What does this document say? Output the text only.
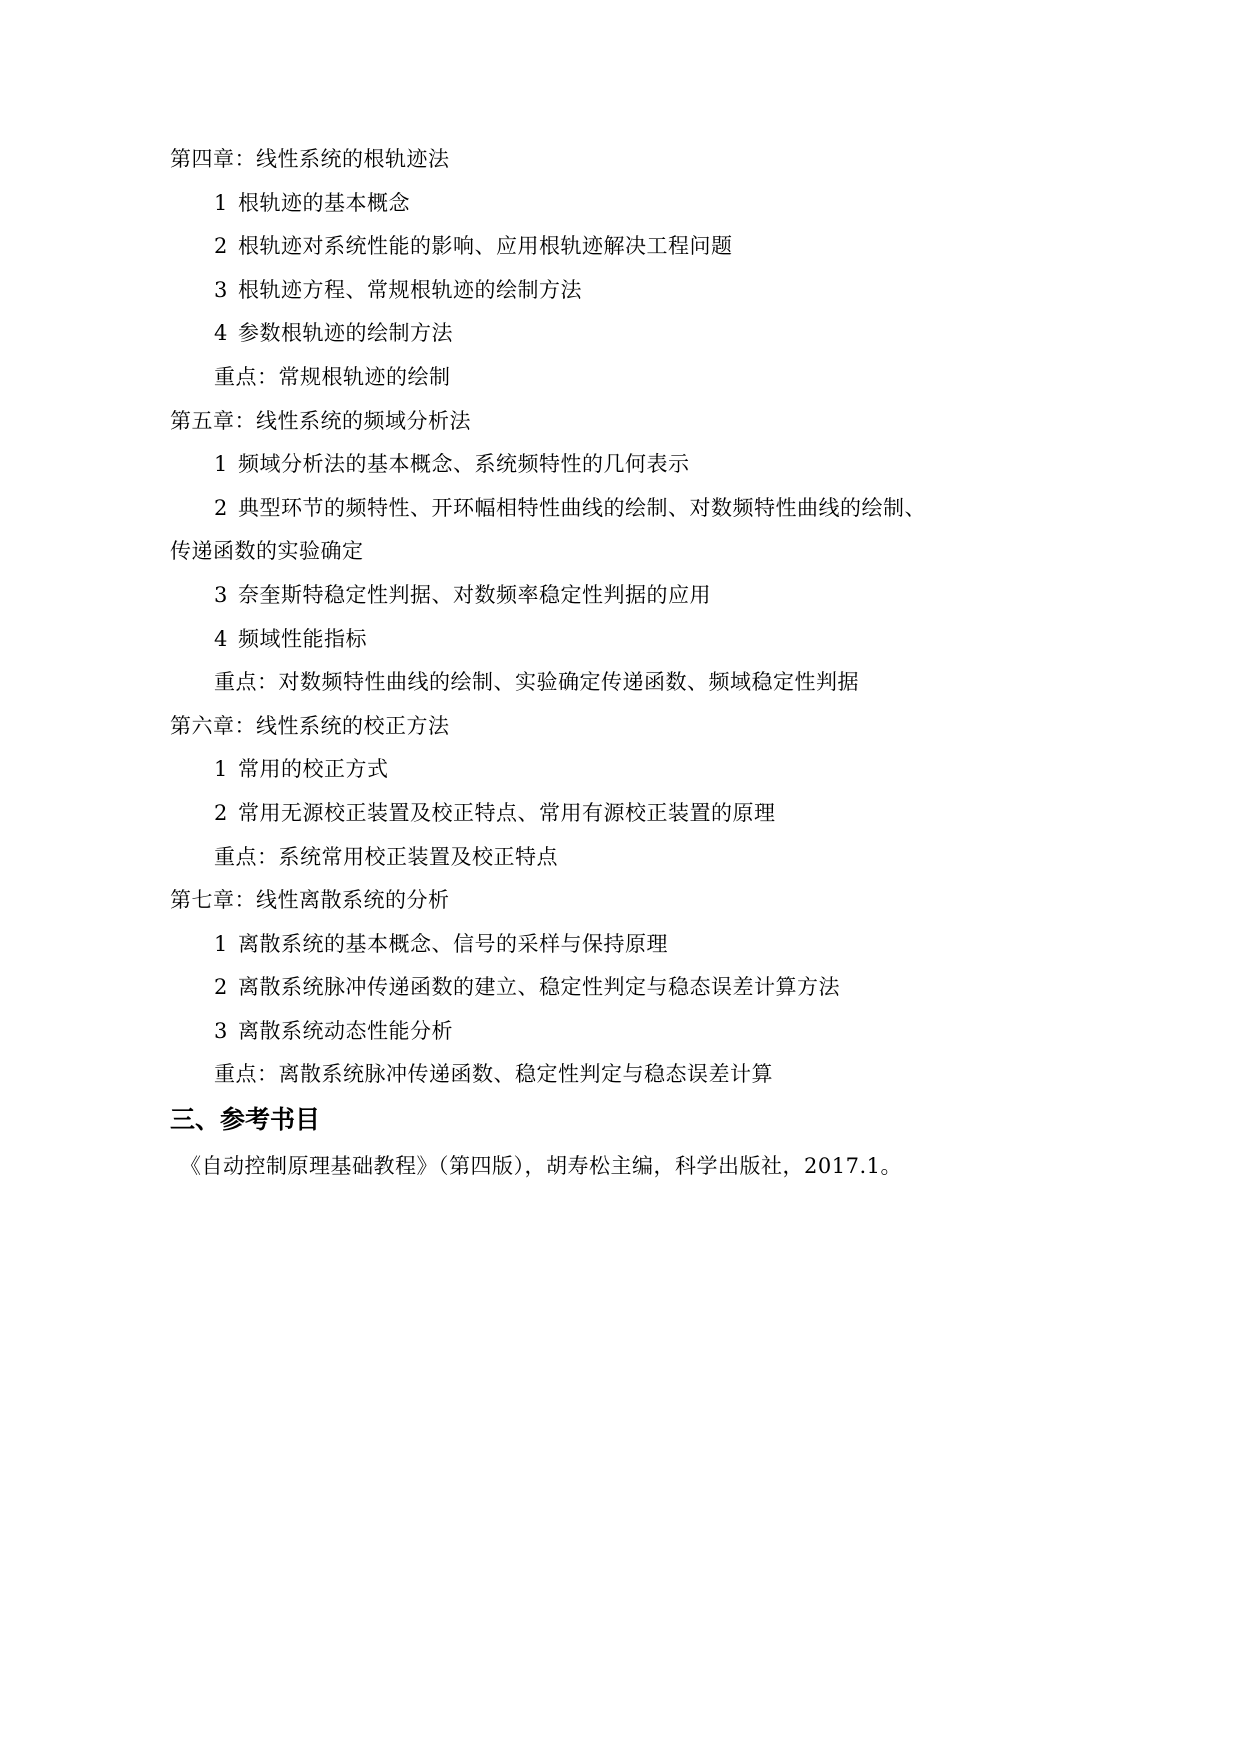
第四章：线性系统的根轨迹法
1 根轨迹的基本概念
2 根轨迹对系统性能的影响、应用根轨迹解决工程问题
3 根轨迹方程、常规根轨迹的绘制方法
4 参数根轨迹的绘制方法
重点：常规根轨迹的绘制
第五章：线性系统的频域分析法
1 频域分析法的基本概念、系统频特性的几何表示
2 典型环节的频特性、开环幅相特性曲线的绘制、对数频特性曲线的绘制、
传递函数的实验确定
3 奈奎斯特稳定性判据、对数频率稳定性判据的应用
4 频域性能指标
重点：对数频特性曲线的绘制、实验确定传递函数、频域稳定性判据
第六章：线性系统的校正方法
1 常用的校正方式
2 常用无源校正装置及校正特点、常用有源校正装置的原理
重点：系统常用校正装置及校正特点
第七章：线性离散系统的分析
1 离散系统的基本概念、信号的采样与保持原理
2 离散系统脉冲传递函数的建立、稳定性判定与稳态误差计算方法
3 离散系统动态性能分析
重点：离散系统脉冲传递函数、稳定性判定与稳态误差计算
三、参考书目
《自动控制原理基础教程》（第四版），胡寿松主编，科学出版社，2017.1。
